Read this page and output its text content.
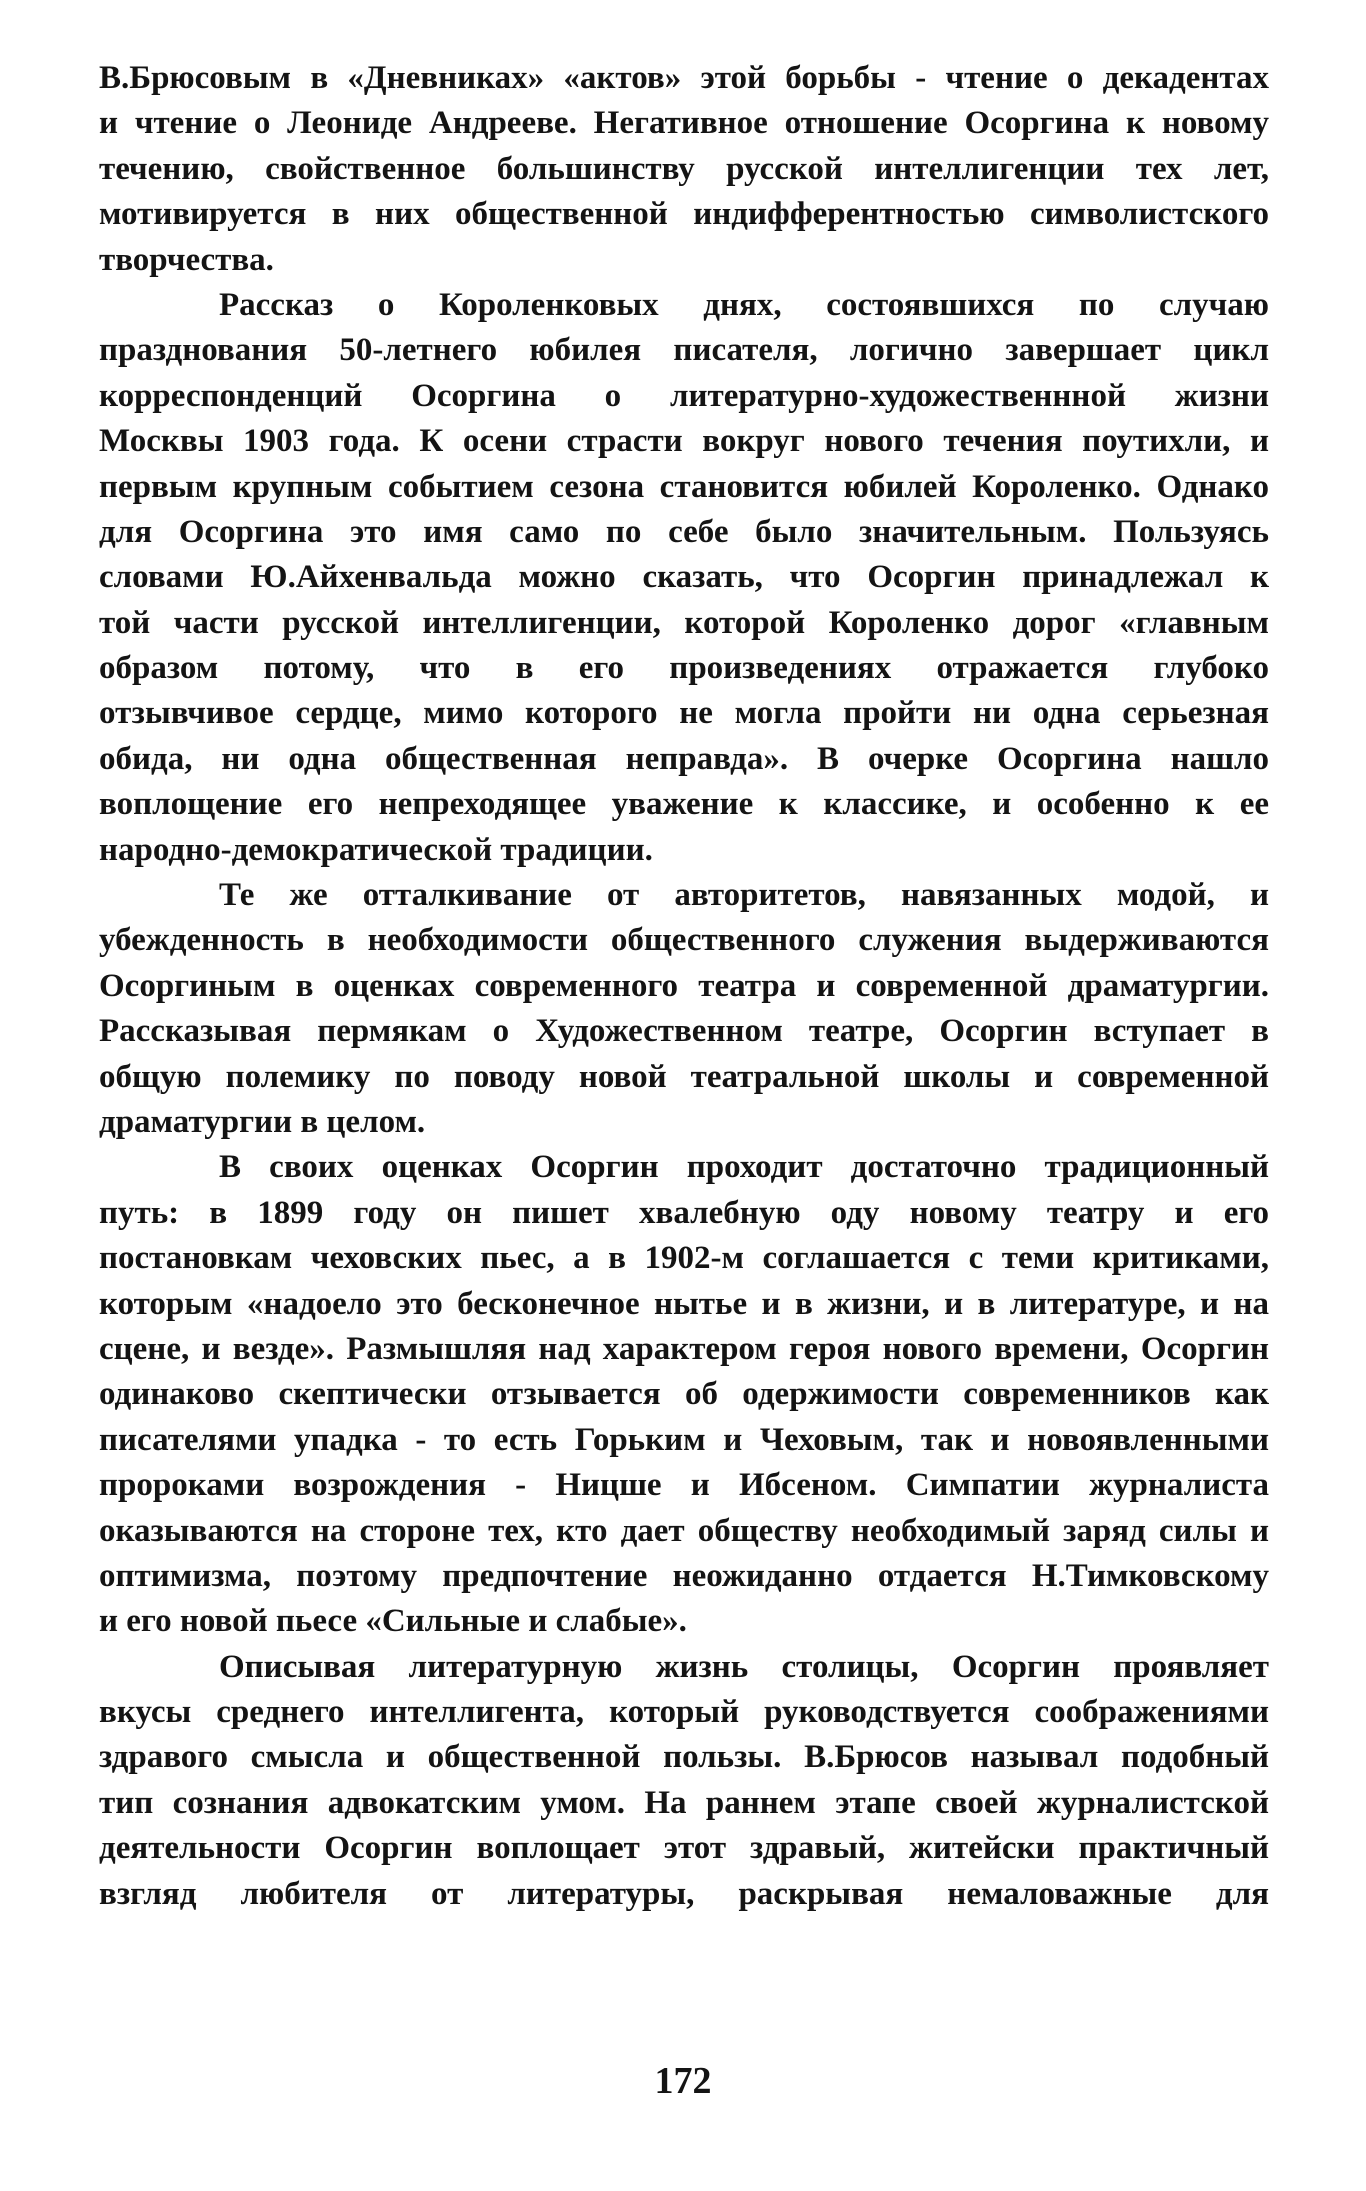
В.Брюсовым в «Дневниках» «актов» этой борьбы - чтение о декадентах
и чтение о Леониде Андрееве. Негативное отношение Осоргина к новому
течению, свойственное большинству русской интеллигенции тех лет,
мотивируется в них общественной индифферентностью символистского
творчества.
Рассказ о Короленковых днях, состоявшихся по случаю
празднования 50-летнего юбилея писателя, логично завершает цикл
корреспонденций Осоргина о литературно-художественнной жизни
Москвы 1903 года. К осени страсти вокруг нового течения поутихли, и
первым крупным событием сезона становится юбилей Короленко. Однако
для Осоргина это имя само по себе было значительным. Пользуясь
словами Ю.Айхенвальда можно сказать, что Осоргин принадлежал к
той части русской интеллигенции, которой Короленко дорог «главным
образом потому, что в его произведениях отражается глубоко
отзывчивое сердце, мимо которого не могла пройти ни одна серьезная
обида, ни одна общественная неправда». В очерке Осоргина нашло
воплощение его непреходящее уважение к классике, и особенно к ее
народно-демократической традиции.
Те же отталкивание от авторитетов, навязанных модой, и
убежденность в необходимости общественного служения выдерживаются
Осоргиным в оценках современного театра и современной драматургии.
Рассказывая пермякам о Художественном театре, Осоргин вступает в
общую полемику по поводу новой театральной школы и современной
драматургии в целом.
В своих оценках Осоргин проходит достаточно традиционный
путь: в 1899 году он пишет хвалебную оду новому театру и его
постановкам чеховских пьес, а в 1902-м соглашается с теми критиками,
которым «надоело это бесконечное нытье и в жизни, и в литературе, и на
сцене, и везде». Размышляя над характером героя нового времени, Осоргин
одинаково скептически отзывается об одержимости современников как
писателями упадка - то есть Горьким и Чеховым, так и новоявленными
пророками возрождения - Ницше и Ибсеном. Симпатии журналиста
оказываются на стороне тех, кто дает обществу необходимый заряд силы и
оптимизма, поэтому предпочтение неожиданно отдается Н.Тимковскому
и его новой пьесе «Сильные и слабые».
Описывая литературную жизнь столицы, Осоргин проявляет
вкусы среднего интеллигента, который руководствуется соображениями
здравого смысла и общественной пользы. В.Брюсов называл подобный
тип сознания адвокатским умом. На раннем этапе своей журналистской
деятельности Осоргин воплощает этот здравый, житейски практичный
взгляд любителя от литературы, раскрывая немаловажные для
172
